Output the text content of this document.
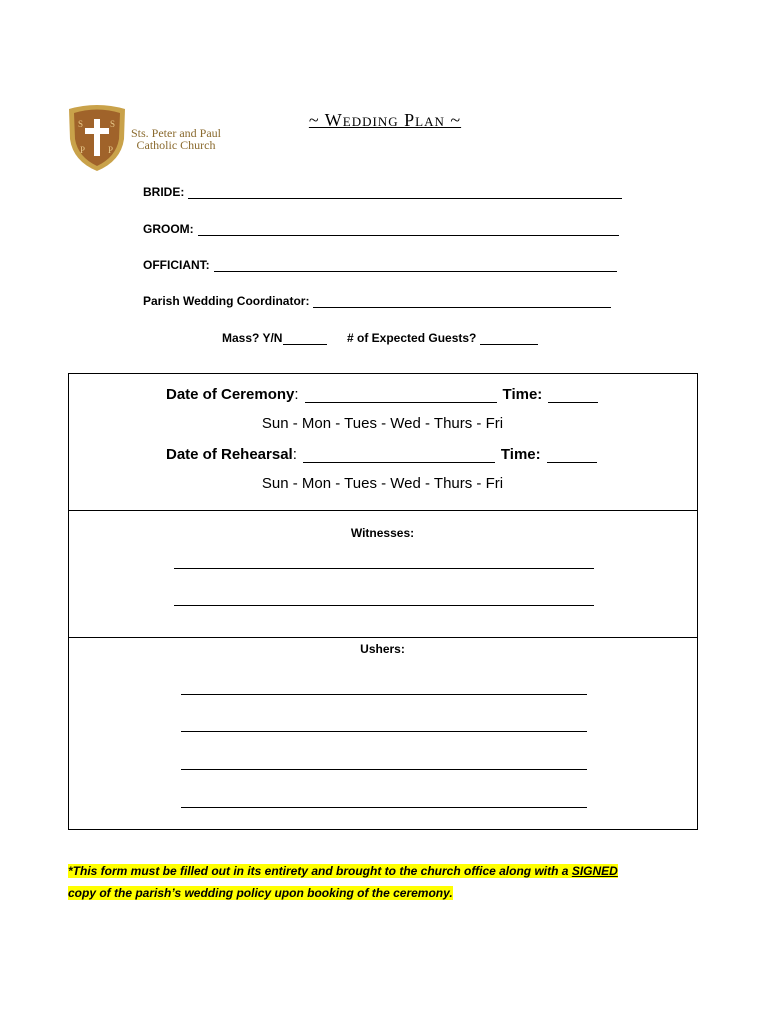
S	S
P	P
Sts. Peter and Paul
Catholic Church
~ Wedding Plan ~
BRIDE:
GROOM:
OFFICIANT:
Parish Wedding Coordinator:
Mass? Y/N	# of Expected Guests?
Date of Ceremony :	Time:
Sun - Mon - Tues - Wed - Thurs - Fri
Date of Rehearsal :	Time:
Sun - Mon - Tues - Wed - Thurs - Fri
Witnesses:
Ushers:
*This form must be filled out in its entirety and brought to the church office along with a SIGNED
copy of the parish’s wedding policy upon booking of the ceremony.
